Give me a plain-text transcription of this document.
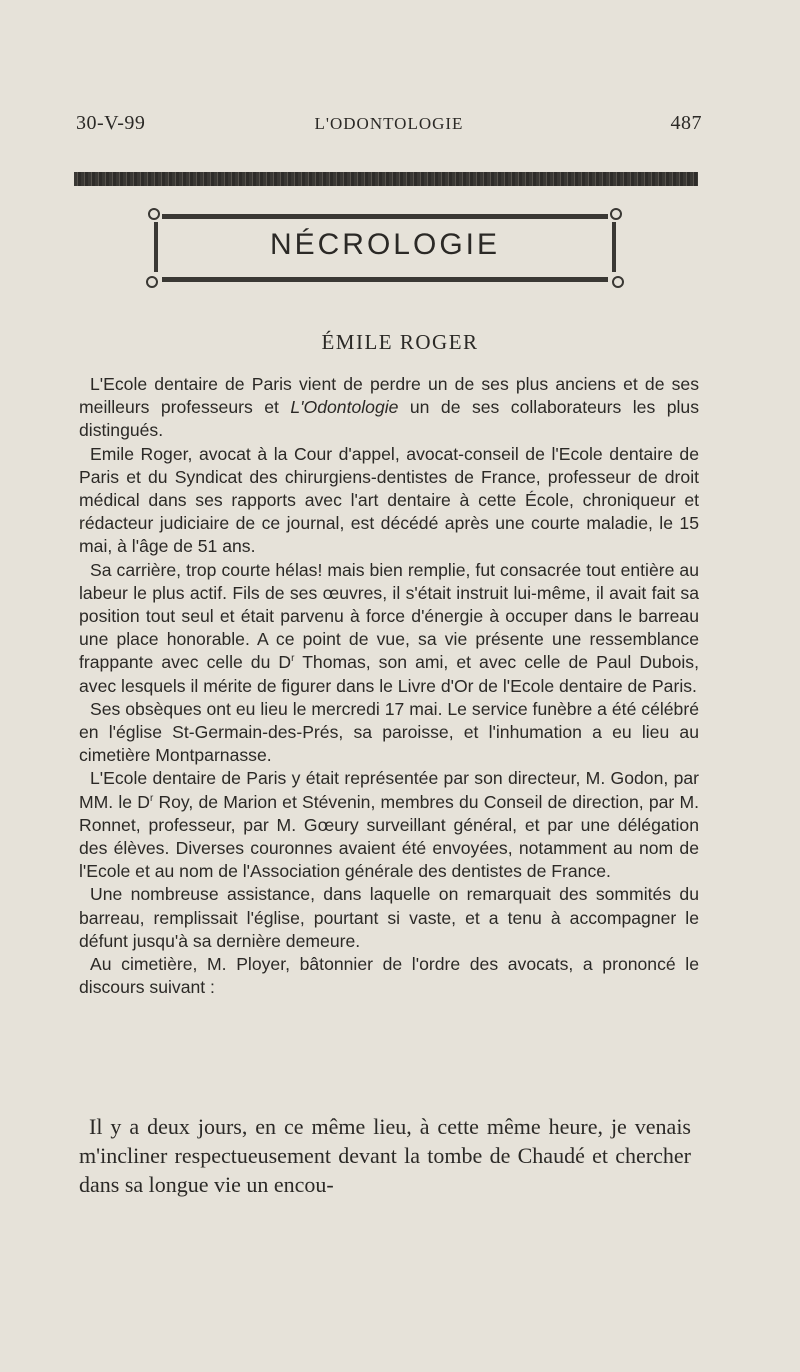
30-V-99	L'ODONTOLOGIE	487
NÉCROLOGIE
ÉMILE ROGER

L'Ecole dentaire de Paris vient de perdre un de ses plus anciens et de ses meilleurs professeurs et L'Odontologie un de ses collaborateurs les plus distingués.

Emile Roger, avocat à la Cour d'appel, avocat-conseil de l'Ecole dentaire de Paris et du Syndicat des chirurgiens-dentistes de France, professeur de droit médical dans ses rapports avec l'art dentaire à cette École, chroniqueur et rédacteur judiciaire de ce journal, est décédé après une courte maladie, le 15 mai, à l'âge de 51 ans.

Sa carrière, trop courte hélas! mais bien remplie, fut consacrée tout entière au labeur le plus actif. Fils de ses œuvres, il s'était instruit lui-même, il avait fait sa position tout seul et était parvenu à force d'énergie à occuper dans le barreau une place honorable. A ce point de vue, sa vie présente une ressemblance frappante avec celle du $D^r$ Thomas, son ami, et avec celle de Paul Dubois, avec lesquels il mérite de figurer dans le Livre d'Or de l'Ecole dentaire de Paris.

Ses obsèques ont eu lieu le mercredi 17 mai. Le service funèbre a été célébré en l'église St-Germain-des-Prés, sa paroisse, et l'inhumation a eu lieu au cimetière Montparnasse.

L'Ecole dentaire de Paris y était représentée par son directeur, M. Godon, par MM. le $D^r$ Roy, de Marion et Stévenin, membres du Conseil de direction, par M. Ronnet, professeur, par M. Gœury surveillant général, et par une délégation des élèves. Diverses couronnes avaient été envoyées, notamment au nom de l'Ecole et au nom de l'Association générale des dentistes de France.

Une nombreuse assistance, dans laquelle on remarquait des sommités du barreau, remplissait l'église, pourtant si vaste, et a tenu à accompagner le défunt jusqu'à sa dernière demeure.

Au cimetière, M. Ployer, bâtonnier de l'ordre des avocats, a prononcé le discours suivant :

Il y a deux jours, en ce même lieu, à cette même heure, je venais m'incliner respectueusement devant la tombe de Chaudé et chercher dans sa longue vie un encou-
